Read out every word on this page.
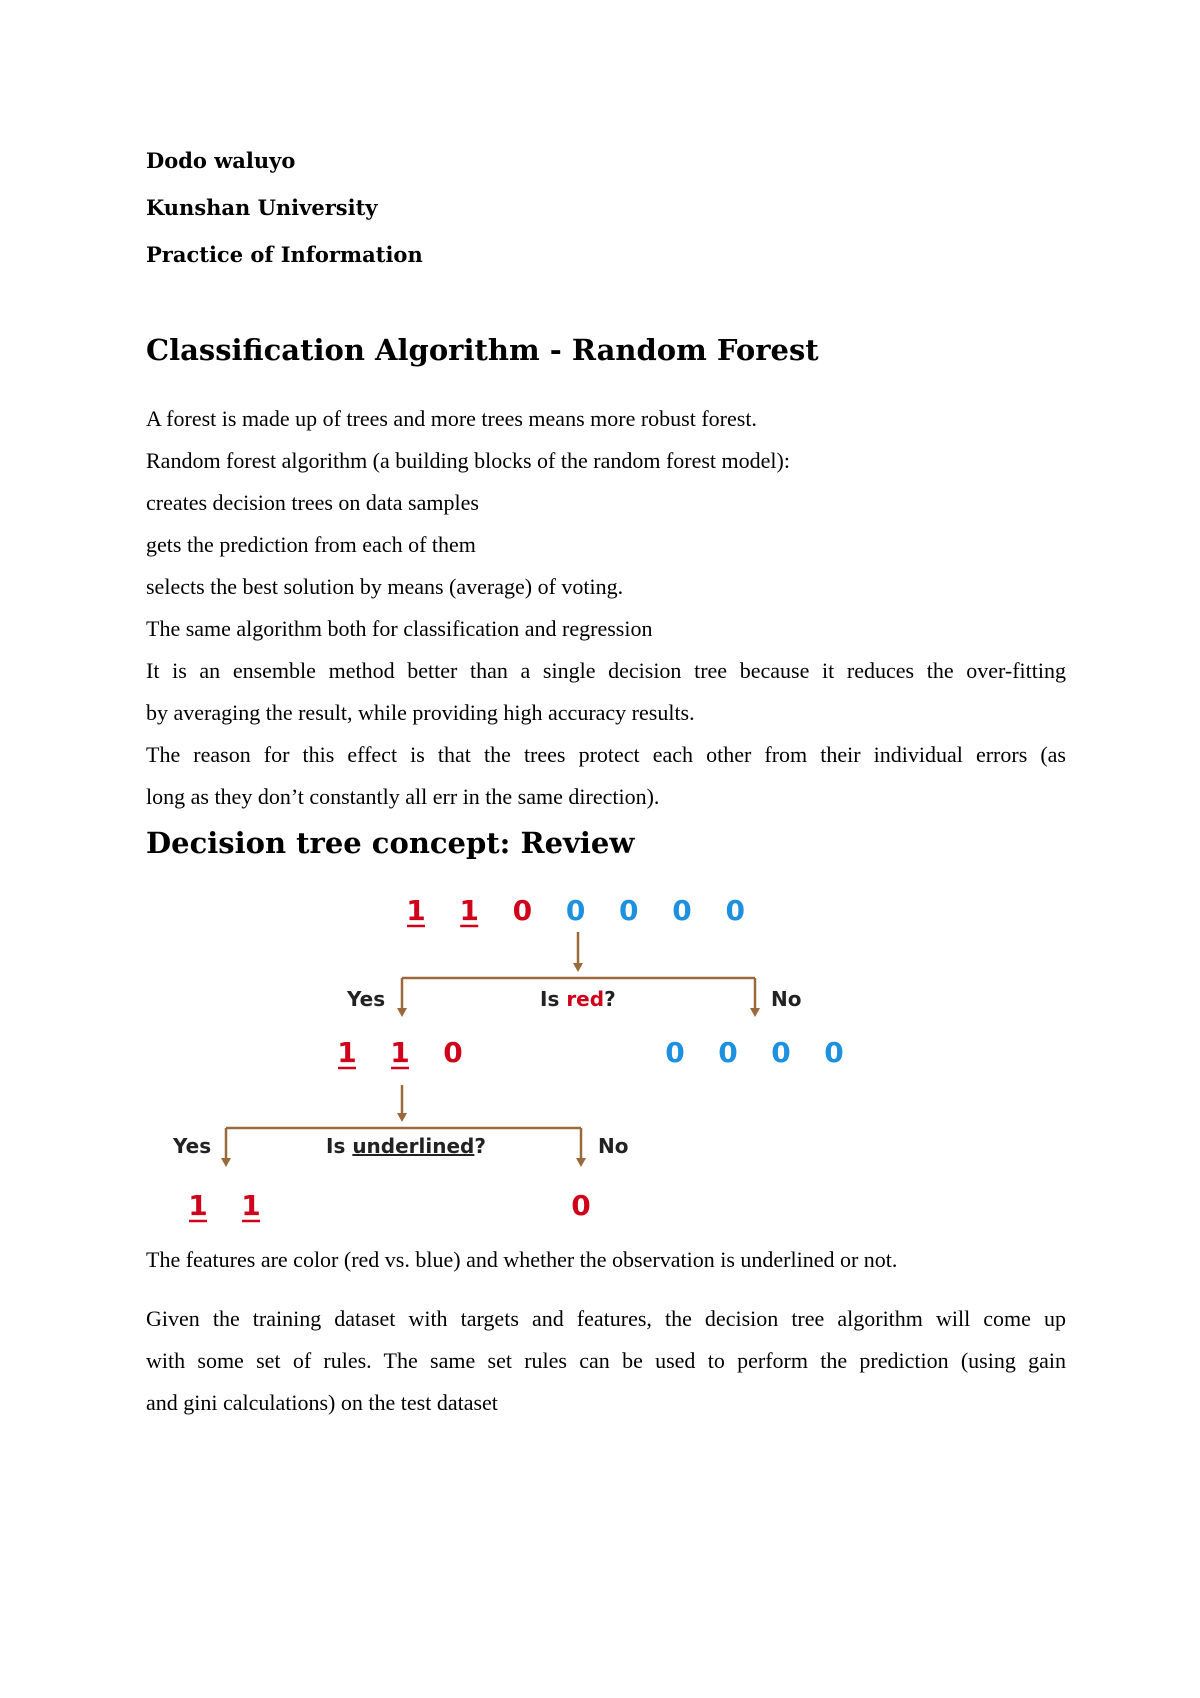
Dodo waluyo
Kunshan University
Practice of Information
Classification Algorithm - Random Forest
A forest is made up of trees and more trees means more robust forest.
Random forest algorithm (a building blocks of the random forest model):
creates decision trees on data samples
gets the prediction from each of them
selects the best solution by means (average) of voting.
The same algorithm both for classification and regression
It is an ensemble method better than a single decision tree because it reduces the over-fitting
by averaging the result, while providing high accuracy results.
The reason for this effect is that the trees protect each other from their individual errors (as
long as they don’t constantly all err in the same direction).
Decision tree concept: Review
1 1 0 0 0 0 0
1 1 0	0 0 0 0
1 1	0
Yes	No
Is red?
Yes	No
Is underlined?
The features are color (red vs. blue) and whether the observation is underlined or not.
Given the training dataset with targets and features, the decision tree algorithm will come up
with some set of rules. The same set rules can be used to perform the prediction (using gain
and gini calculations) on the test dataset
